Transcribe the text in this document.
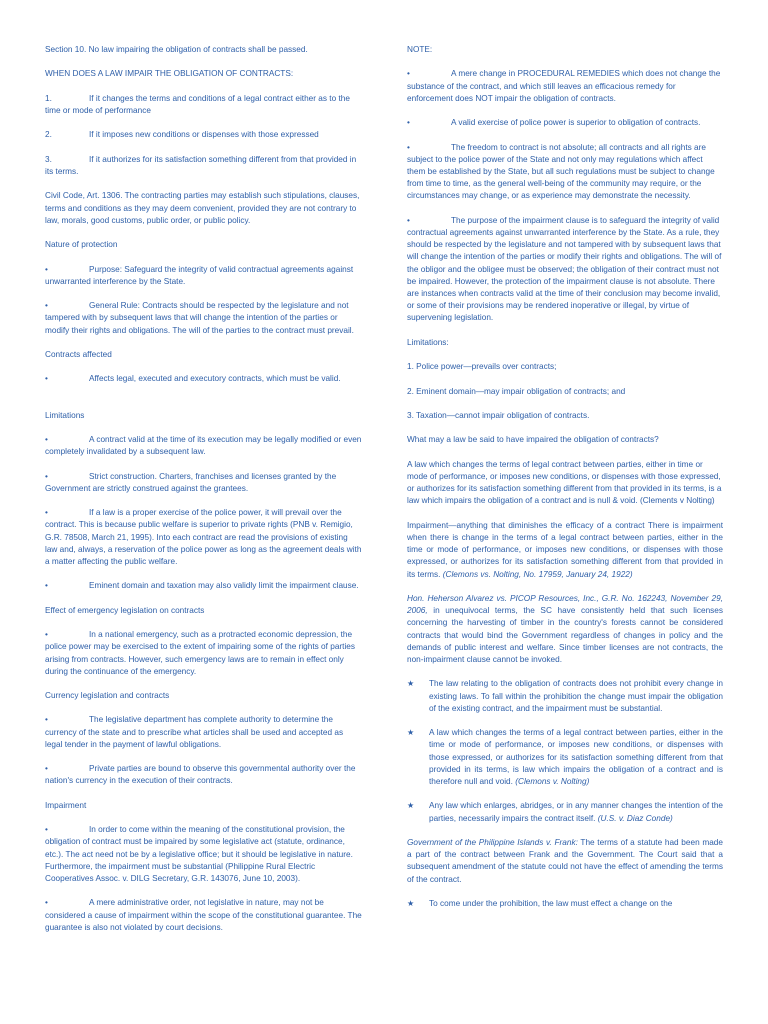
Section 10. No law impairing the obligation of contracts shall be passed.

WHEN DOES A LAW IMPAIR THE OBLIGATION OF CONTRACTS:

1.	If it changes the terms and conditions of a legal contract either as to the time or mode of performance

2.	If it imposes new conditions or dispenses with those expressed

3.	If it authorizes for its satisfaction something different from that provided in its terms.

Civil Code, Art. 1306. The contracting parties may establish such stipulations, clauses, terms and conditions as they may deem convenient, provided they are not contrary to law, morals, good customs, public order, or public policy.

Nature of protection

•	Purpose: Safeguard the integrity of valid contractual agreements against unwarranted interference by the State.

•	General Rule: Contracts should be respected by the legislature and not tampered with by subsequent laws that will change the intention of the parties or modify their rights and obligations. The will of the parties to the contract must prevail.

Contracts affected

•	Affects legal, executed and executory contracts, which must be valid.

Limitations

•	A contract valid at the time of its execution may be legally modified or even completely invalidated by a subsequent law.

•	Strict construction. Charters, franchises and licenses granted by the Government are strictly construed against the grantees.

•	If a law is a proper exercise of the police power, it will prevail over the contract. This is because public welfare is superior to private rights (PNB v. Remigio, G.R. 78508, March 21, 1995). Into each contract are read the provisions of existing law and, always, a reservation of the police power as long as the agreement deals with a matter affecting the public welfare.

•	Eminent domain and taxation may also validly limit the impairment clause.

Effect of emergency legislation on contracts

•	In a national emergency, such as a protracted economic depression, the police power may be exercised to the extent of impairing some of the rights of parties arising from contracts. However, such emergency laws are to remain in effect only during the continuance of the emergency.

Currency legislation and contracts

•	The legislative department has complete authority to determine the currency of the state and to prescribe what articles shall be used and accepted as legal tender in the payment of lawful obligations.

•	Private parties are bound to observe this governmental authority over the nation's currency in the execution of their contracts.

Impairment

•	In order to come within the meaning of the constitutional provision, the obligation of contract must be impaired by some legislative act (statute, ordinance, etc.). The act need not be by a legislative office; but it should be legislative in nature. Furthermore, the impairment must be substantial (Philippine Rural Electric Cooperatives Assoc. v. DILG Secretary, G.R. 143076, June 10, 2003).

•	A mere administrative order, not legislative in nature, may not be considered a cause of impairment within the scope of the constitutional guarantee. The guarantee is also not violated by court decisions.

NOTE:

•	A mere change in PROCEDURAL REMEDIES which does not change the substance of the contract, and which still leaves an efficacious remedy for enforcement does NOT impair the obligation of contracts.

•	A valid exercise of police power is superior to obligation of contracts.

•	The freedom to contract is not absolute; all contracts and all rights are subject to the police power of the State and not only may regulations which affect them be established by the State, but all such regulations must be subject to change from time to time, as the general well-being of the community may require, or the circumstances may change, or as experience may demonstrate the necessity.

•	The purpose of the impairment clause is to safeguard the integrity of valid contractual agreements against unwarranted interference by the State. As a rule, they should be respected by the legislature and not tampered with by subsequent laws that will change the intention of the parties or modify their rights and obligations. The will of the obligor and the obligee must be observed; the obligation of their contract must not be impaired. However, the protection of the impairment clause is not absolute. There are instances when contracts valid at the time of their conclusion may become invalid, or some of their provisions may be rendered inoperative or illegal, by virtue of supervening legislation.

Limitations:

1. Police power—prevails over contracts;

2. Eminent domain—may impair obligation of contracts; and

3. Taxation—cannot impair obligation of contracts.

What may a law be said to have impaired the obligation of contracts?

A law which changes the terms of legal contract between parties, either in time or mode of performance, or imposes new conditions, or dispenses with those expressed, or authorizes for its satisfaction something different from that provided in its terms, is a law which impairs the obligation of a contract and is null & void. (Clements v Nolting)

Impairment—anything that diminishes the efficacy of a contract There is impairment when there is change in the terms of a legal contract between parties, either in the time or mode of performance, or imposes new conditions, or dispenses with those expressed, or authorizes for its satisfaction something different from that provided in its terms. (Clemons vs. Nolting, No. 17959, January 24, 1922)

Hon. Heherson Alvarez vs. PICOP Resources, Inc., G.R. No. 162243, November 29, 2006, in unequivocal terms, the SC have consistently held that such licenses concerning the harvesting of timber in the country's forests cannot be considered contracts that would bind the Government regardless of changes in policy and the demands of public interest and welfare. Since timber licenses are not contracts, the non-impairment clause cannot be invoked.

★	The law relating to the obligation of contracts does not prohibit every change in existing laws. To fall within the prohibition the change must impair the obligation of the existing contract, and the impairment must be substantial.
★	A law which changes the terms of a legal contract between parties, either in the time or mode of performance, or imposes new conditions, or dispenses with those expressed, or authorizes for its satisfaction something different from that provided in its terms, is law which impairs the obligation of a contract and is therefore null and void. (Clemons v. Nolting)
★	Any law which enlarges, abridges, or in any manner changes the intention of the parties, necessarily impairs the contract itself. (U.S. v. Diaz Conde)

Government of the Philippine Islands v. Frank: The terms of a statute had been made a part of the contract between Frank and the Government. The Court said that a subsequent amendment of the statute could not have the effect of amending the terms of the contract.

★	To come under the prohibition, the law must effect a change on the
